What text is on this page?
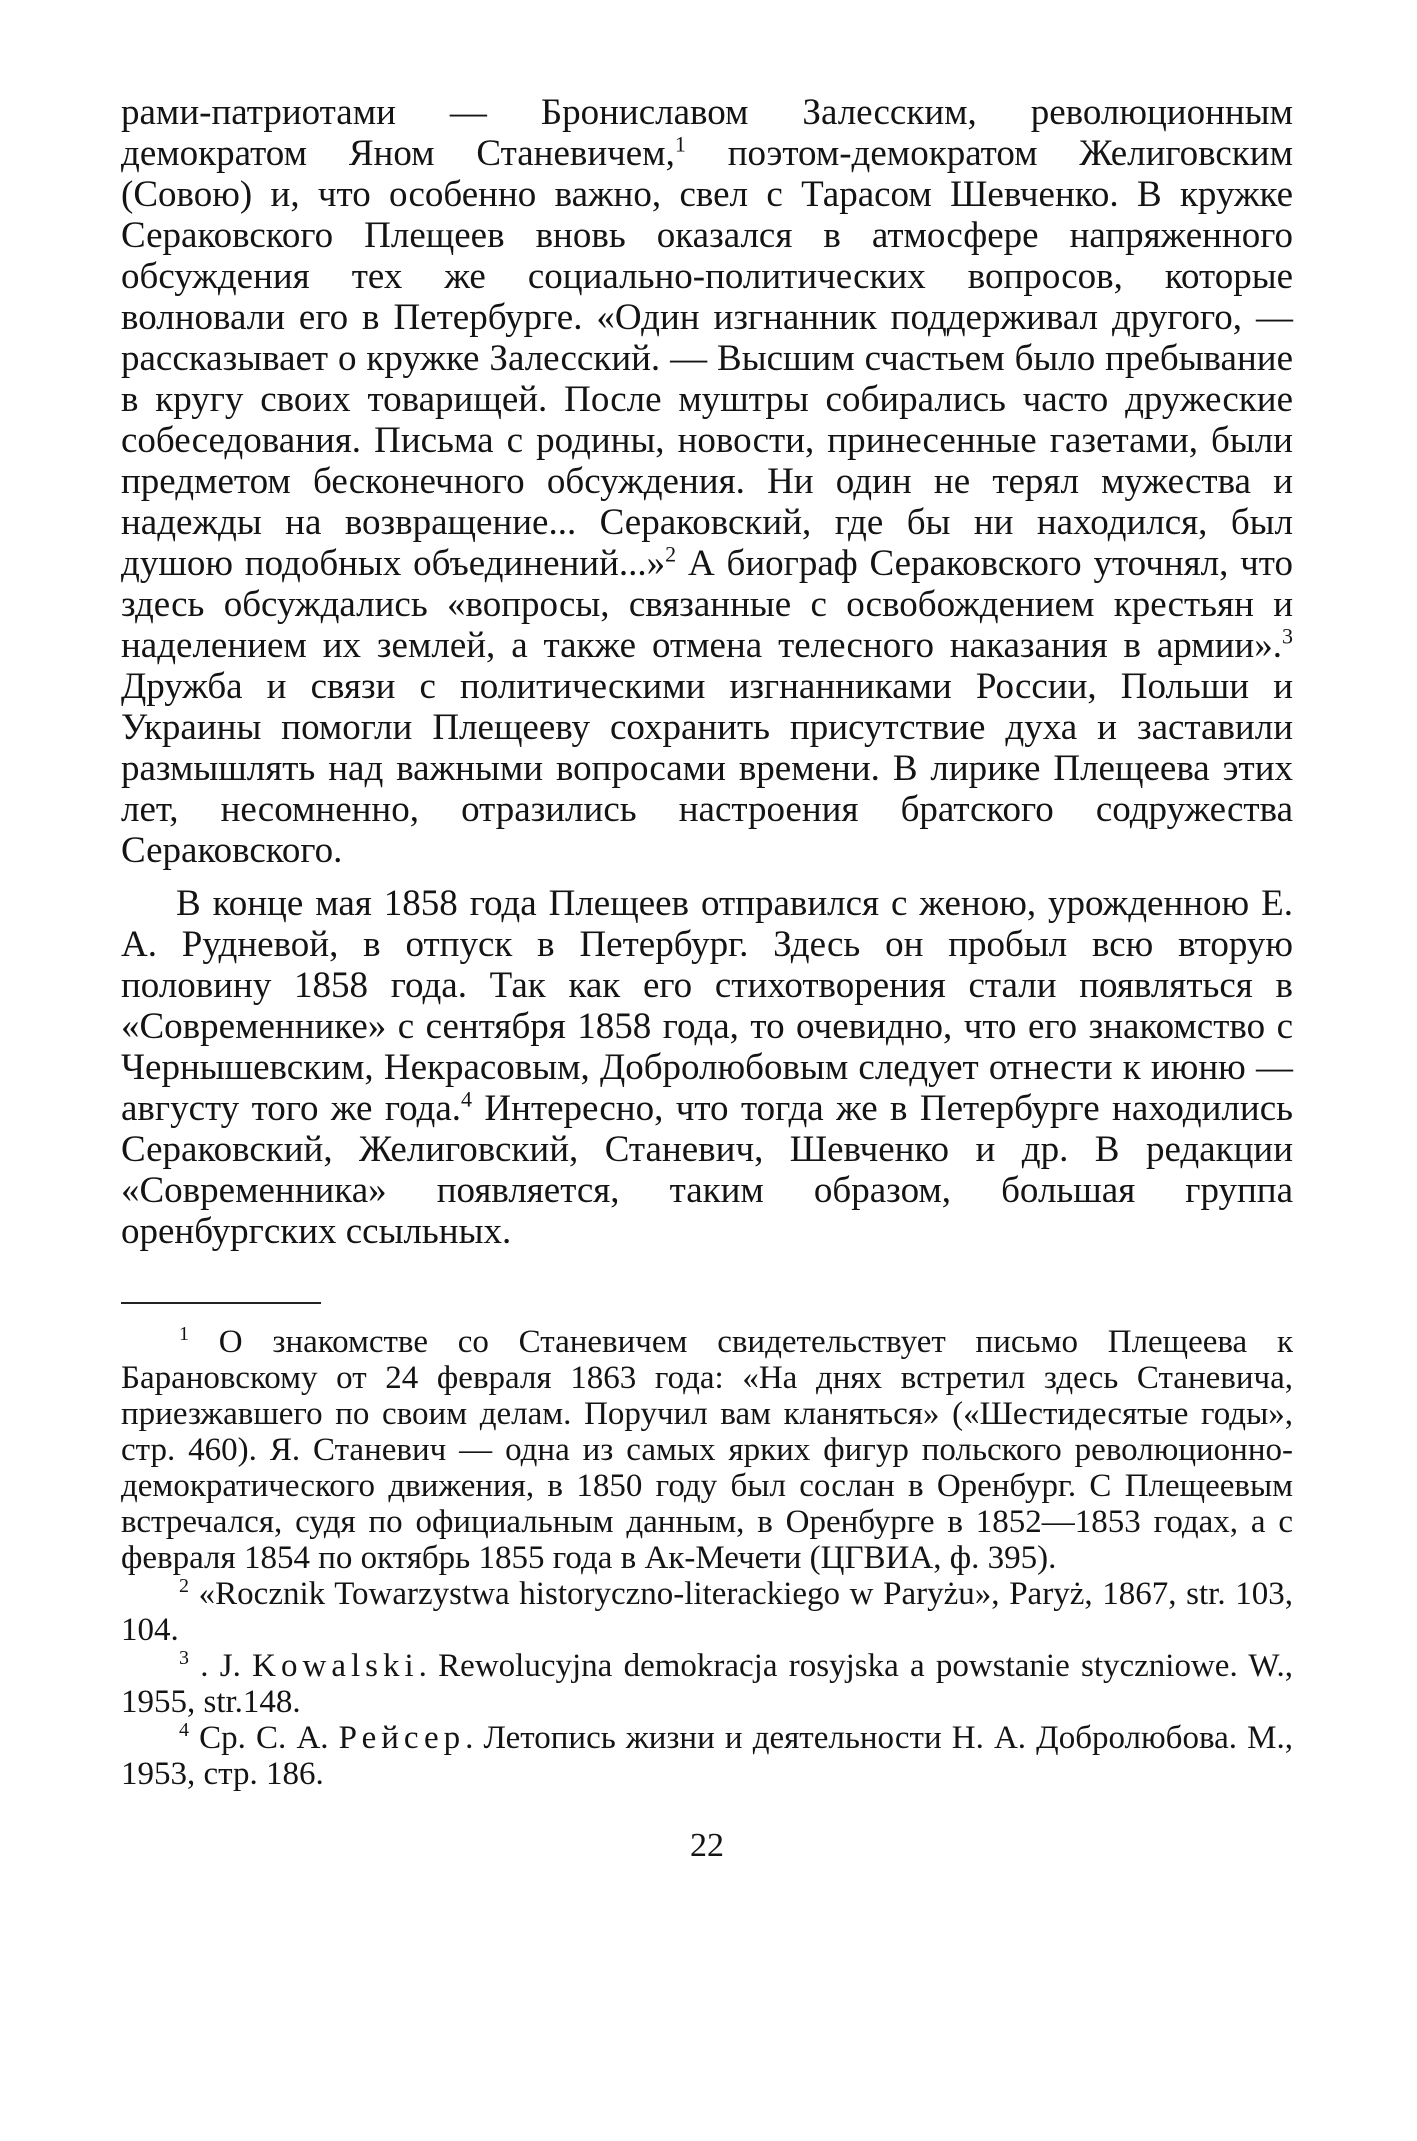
рами-патриотами — Брониславом Залесским, революционным демократом Яном Станевичем,$^1$ поэтом-демократом Желиговским (Совою) и, что особенно важно, свел с Тарасом Шевченко. В кружке Сераковского Плещеев вновь оказался в атмосфере напряженного обсуждения тех же социально-политических вопросов, которые волновали его в Петербурге. «Один изгнанник поддерживал другого, — рассказывает о кружке Залесский. — Высшим счастьем было пребывание в кругу своих товарищей. После муштры собирались часто дружеские собеседования. Письма с родины, новости, принесенные газетами, были предметом бесконечного обсуждения. Ни один не терял мужества и надежды на возвращение... Сераковский, где бы ни находился, был душою подобных объединений...»$^2$ А биограф Сераковского уточнял, что здесь обсуждались «вопросы, связанные с освобождением крестьян и наделением их землей, а также отмена телесного наказания в армии».$^3$ Дружба и связи с политическими изгнанниками России, Польши и Украины помогли Плещееву сохранить присутствие духа и заставили размышлять над важными вопросами времени. В лирике Плещеева этих лет, несомненно, отразились настроения братского содружества Сераковского.

В конце мая 1858 года Плещеев отправился с женою, урожденною Е. А. Рудневой, в отпуск в Петербург. Здесь он пробыл всю вторую половину 1858 года. Так как его стихотворения стали появляться в «Современнике» с сентября 1858 года, то очевидно, что его знакомство с Чернышевским, Некрасовым, Добролюбовым следует отнести к июню — августу того же года.$^4$ Интересно, что тогда же в Петербурге находились Сераковский, Желиговский, Станевич, Шевченко и др. В редакции «Современника» появляется, таким образом, большая группа оренбургских ссыльных.

$^1$ О знакомстве со Станевичем свидетельствует письмо Плещеева к Барановскому от 24 февраля 1863 года: «На днях встретил здесь Станевича, приезжавшего по своим делам. Поручил вам кланяться» («Шестидесятые годы», стр. 460). Я. Станевич — одна из самых ярких фигур польского революционно-демократического движения, в 1850 году был сослан в Оренбург. С Плещеевым встречался, судя по официальным данным, в Оренбурге в 1852—1853 годах, а с февраля 1854 по октябрь 1855 года в Ак-Мечети (ЦГВИА, ф. 395).

$^2$ «Rocznik Towarzystwa historyczno-literackiego w Paryżu», Paryż, 1867, str. 103, 104.

$^3$ . J. Kowalski. Rewolucyjna demokracja rosyjska a powstanie styczniowe. W., 1955, str.148.

$^4$ Ср. С. А. Рейсер. Летопись жизни и деятельности Н. А. Добролюбова. М., 1953, стр. 186.

22
